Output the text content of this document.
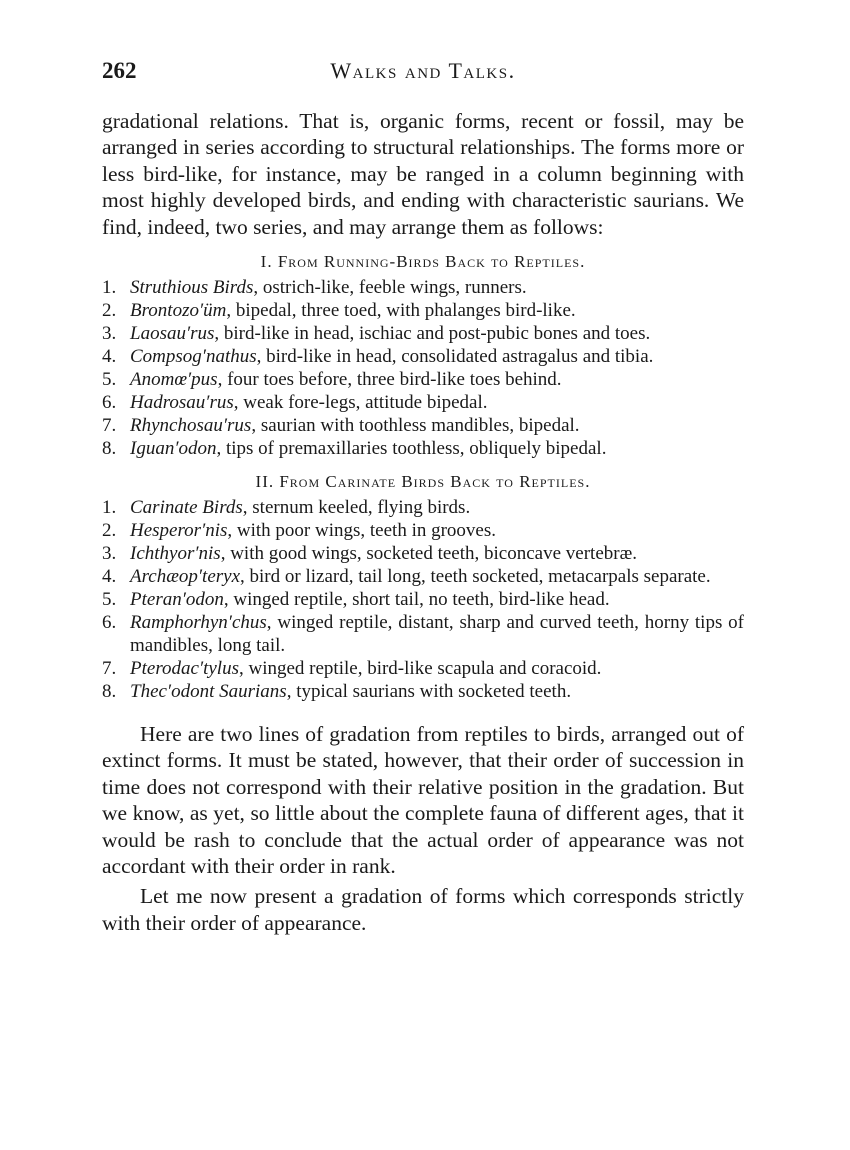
262	Walks and Talks.

gradational relations. That is, organic forms, recent or fossil, may be arranged in series according to structural relationships. The forms more or less bird-like, for instance, may be ranged in a column beginning with most highly developed birds, and ending with characteristic saurians. We find, indeed, two series, and may arrange them as follows:

I. From Running-Birds Back to Reptiles.
1. Struthious Birds, ostrich-like, feeble wings, runners.
2. Brontozo′üm, bipedal, three toed, with phalanges bird-like.
3. Laosau′rus, bird-like in head, ischiac and post-pubic bones and toes.
4. Compsog′nathus, bird-like in head, consolidated astragalus and tibia.
5. Anomœ′pus, four toes before, three bird-like toes behind.
6. Hadrosau′rus, weak fore-legs, attitude bipedal.
7. Rhynchosau′rus, saurian with toothless mandibles, bipedal.
8. Iguan′odon, tips of premaxillaries toothless, obliquely bipedal.
II. From Carinate Birds Back to Reptiles.
1. Carinate Birds, sternum keeled, flying birds.
2. Hesperor′nis, with poor wings, teeth in grooves.
3. Ichthyor′nis, with good wings, socketed teeth, biconcave vertebræ.
4. Archæop′teryx, bird or lizard, tail long, teeth socketed, metacarpals separate.
5. Pteran′odon, winged reptile, short tail, no teeth, bird-like head.
6. Ramphorhyn′chus, winged reptile, distant, sharp and curved teeth, horny tips of mandibles, long tail.
7. Pterodac′tylus, winged reptile, bird-like scapula and coracoid.
8. Thec′odont Saurians, typical saurians with socketed teeth.

Here are two lines of gradation from reptiles to birds, arranged out of extinct forms. It must be stated, however, that their order of succession in time does not correspond with their relative position in the gradation. But we know, as yet, so little about the complete fauna of different ages, that it would be rash to conclude that the actual order of appearance was not accordant with their order in rank.

Let me now present a gradation of forms which corresponds strictly with their order of appearance.
